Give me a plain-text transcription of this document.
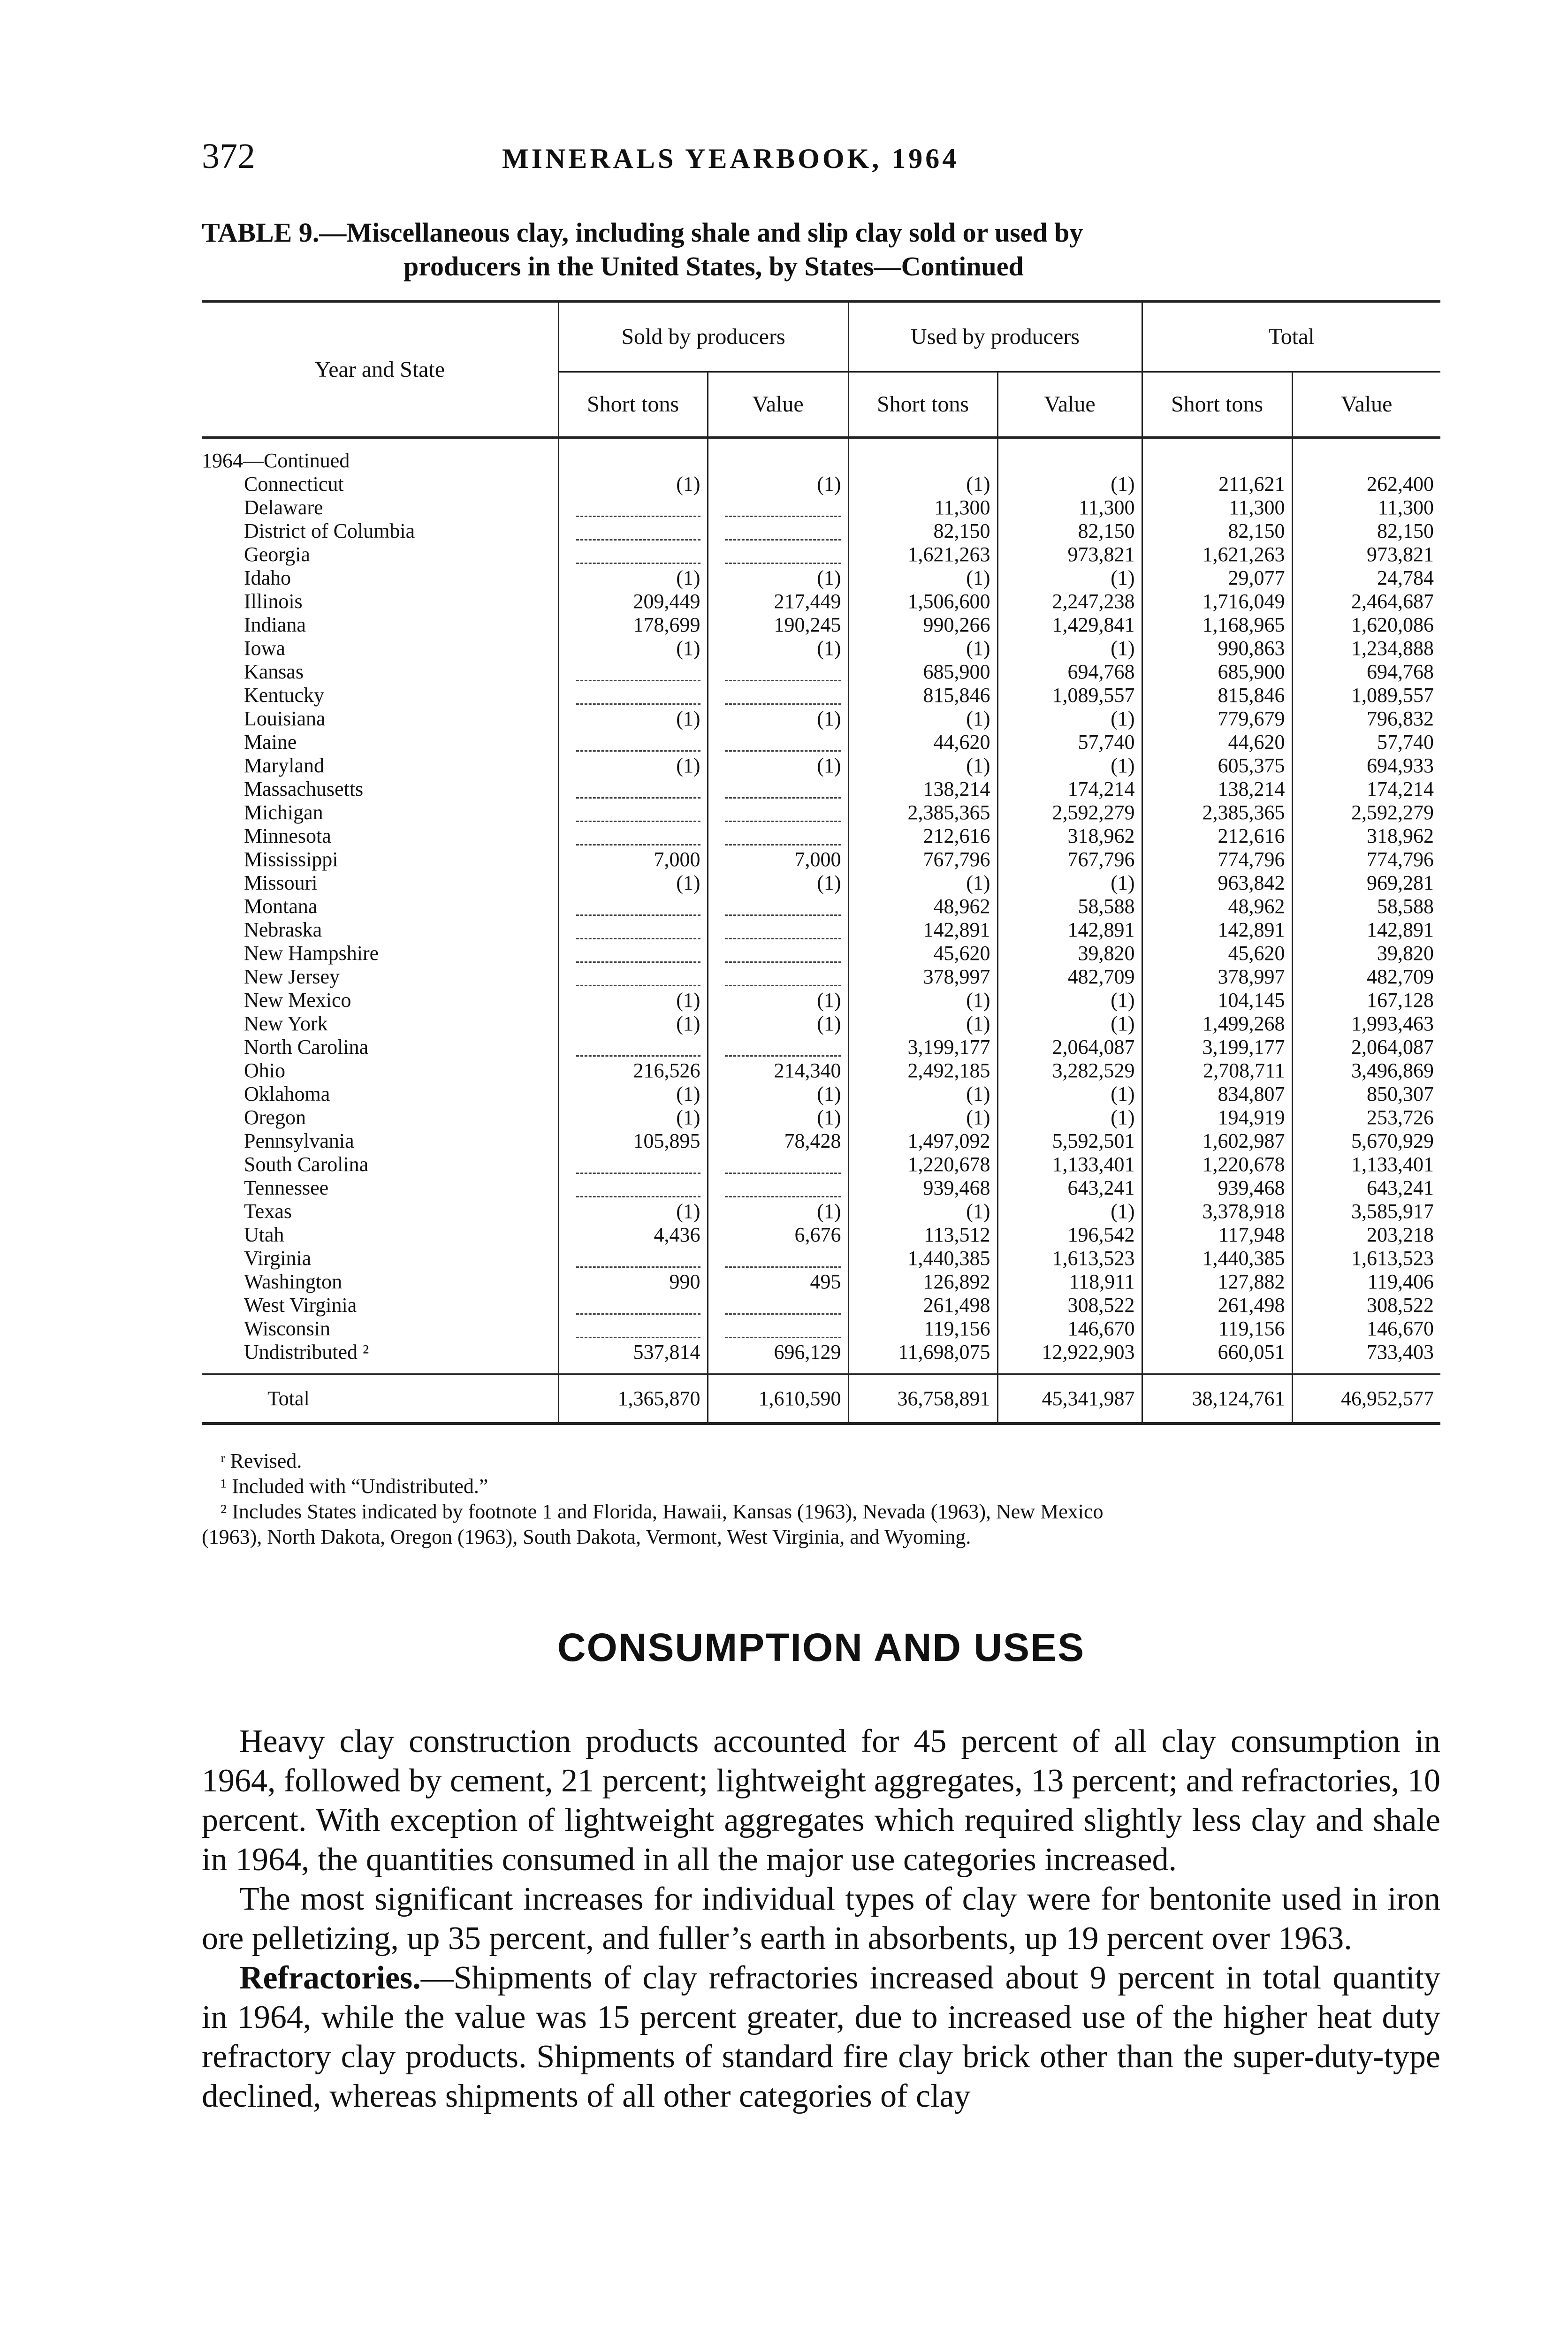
372	MINERALS YEARBOOK, 1964
TABLE 9.—Miscellaneous clay, including shale and slip clay sold or used by
producers in the United States, by States—Continued
Year and State	Sold by producers		Used by producers		Total	
	Short tons	Value	Short tons	Value	Short tons	Value
1964—Continued						
Connecticut	(1)	(1)	(1)	(1)	211,621	262,400
Delaware			11,300	11,300	11,300	11,300
District of Columbia			82,150	82,150	82,150	82,150
Georgia			1,621,263	973,821	1,621,263	973,821
Idaho	(1)	(1)	(1)	(1)	29,077	24,784
Illinois	209,449	217,449	1,506,600	2,247,238	1,716,049	2,464,687
Indiana	178,699	190,245	990,266	1,429,841	1,168,965	1,620,086
Iowa	(1)	(1)	(1)	(1)	990,863	1,234,888
Kansas			685,900	694,768	685,900	694,768
Kentucky			815,846	1,089,557	815,846	1,089,557
Louisiana	(1)	(1)	(1)	(1)	779,679	796,832
Maine			44,620	57,740	44,620	57,740
Maryland	(1)	(1)	(1)	(1)	605,375	694,933
Massachusetts			138,214	174,214	138,214	174,214
Michigan			2,385,365	2,592,279	2,385,365	2,592,279
Minnesota			212,616	318,962	212,616	318,962
Mississippi	7,000	7,000	767,796	767,796	774,796	774,796
Missouri	(1)	(1)	(1)	(1)	963,842	969,281
Montana			48,962	58,588	48,962	58,588
Nebraska			142,891	142,891	142,891	142,891
New Hampshire			45,620	39,820	45,620	39,820
New Jersey			378,997	482,709	378,997	482,709
New Mexico	(1)	(1)	(1)	(1)	104,145	167,128
New York	(1)	(1)	(1)	(1)	1,499,268	1,993,463
North Carolina			3,199,177	2,064,087	3,199,177	2,064,087
Ohio	216,526	214,340	2,492,185	3,282,529	2,708,711	3,496,869
Oklahoma	(1)	(1)	(1)	(1)	834,807	850,307
Oregon	(1)	(1)	(1)	(1)	194,919	253,726
Pennsylvania	105,895	78,428	1,497,092	5,592,501	1,602,987	5,670,929
South Carolina			1,220,678	1,133,401	1,220,678	1,133,401
Tennessee			939,468	643,241	939,468	643,241
Texas	(1)	(1)	(1)	(1)	3,378,918	3,585,917
Utah	4,436	6,676	113,512	196,542	117,948	203,218
Virginia			1,440,385	1,613,523	1,440,385	1,613,523
Washington	990	495	126,892	118,911	127,882	119,406
West Virginia			261,498	308,522	261,498	308,522
Wisconsin			119,156	146,670	119,156	146,670
Undistributed ²	537,814	696,129	11,698,075	12,922,903	660,051	733,403
Total	1,365,870	1,610,590	36,758,891	45,341,987	38,124,761	46,952,577

ʳ Revised.

¹ Included with “Undistributed.”

² Includes States indicated by footnote 1 and Florida, Hawaii, Kansas (1963), Nevada (1963), New Mexico

(1963), North Dakota, Oregon (1963), South Dakota, Vermont, West Virginia, and Wyoming.

CONSUMPTION AND USES

Heavy clay construction products accounted for 45 percent of all clay consumption in 1964, followed by cement, 21 percent; lightweight aggregates, 13 percent; and refractories, 10 percent. With exception of lightweight aggregates which required slightly less clay and shale in 1964, the quantities consumed in all the major use categories increased.

The most significant increases for individual types of clay were for bentonite used in iron ore pelletizing, up 35 percent, and fuller’s earth in absorbents, up 19 percent over 1963.

Refractories.—Shipments of clay refractories increased about 9 percent in total quantity in 1964, while the value was 15 percent greater, due to increased use of the higher heat duty refractory clay products. Shipments of standard fire clay brick other than the super-duty-type declined, whereas shipments of all other categories of clay
